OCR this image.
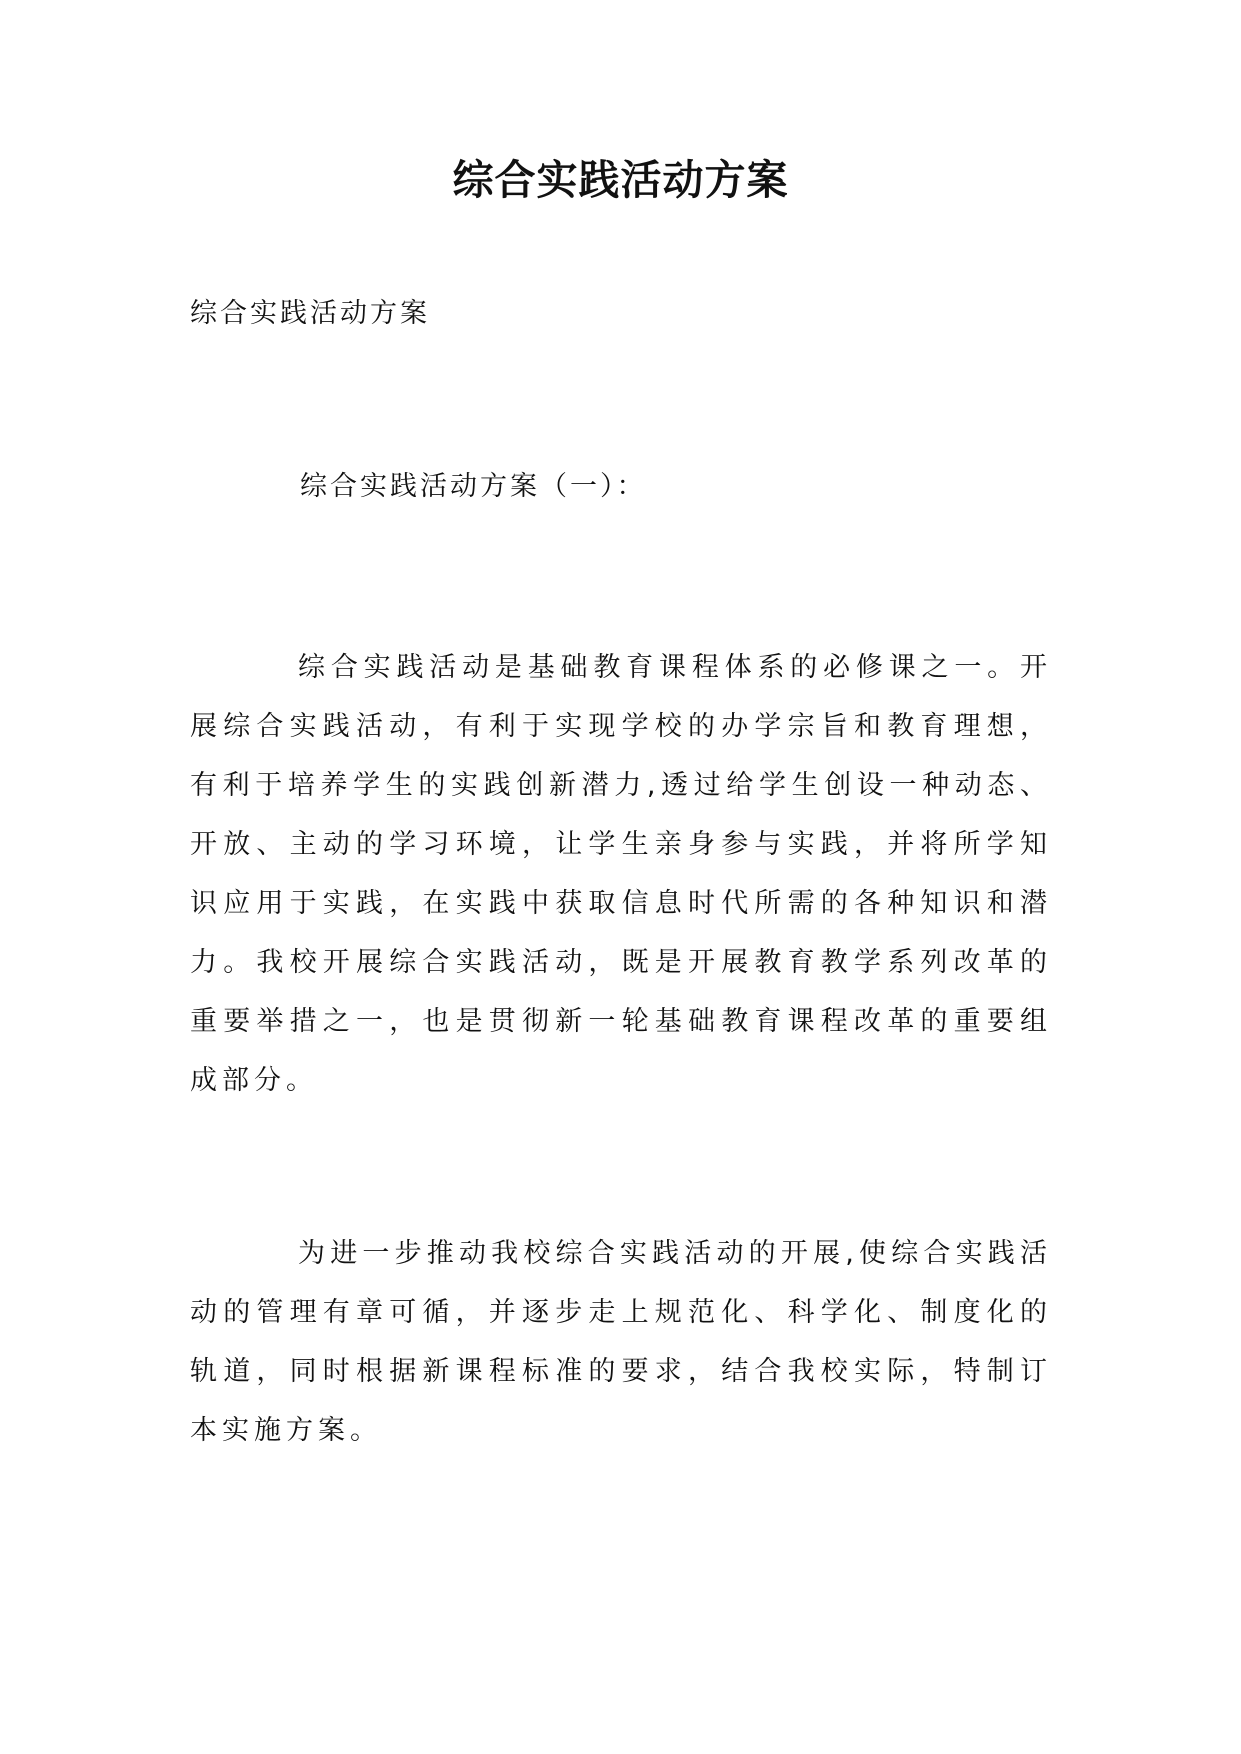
综合实践活动方案

综合实践活动方案

综合实践活动方案（一）：

综合实践活动是基础教育课程体系的必修课之一。开展综合实践活动，有利于实现学校的办学宗旨和教育理想，有利于培养学生的实践创新潜力,透过给学生创设一种动态、开放、主动的学习环境，让学生亲身参与实践，并将所学知识应用于实践，在实践中获取信息时代所需的各种知识和潜力。我校开展综合实践活动，既是开展教育教学系列改革的重要举措之一，也是贯彻新一轮基础教育课程改革的重要组成部分。

为进一步推动我校综合实践活动的开展,使综合实践活动的管理有章可循，并逐步走上规范化、科学化、制度化的轨道，同时根据新课程标准的要求，结合我校实际，特制订本实施方案。
